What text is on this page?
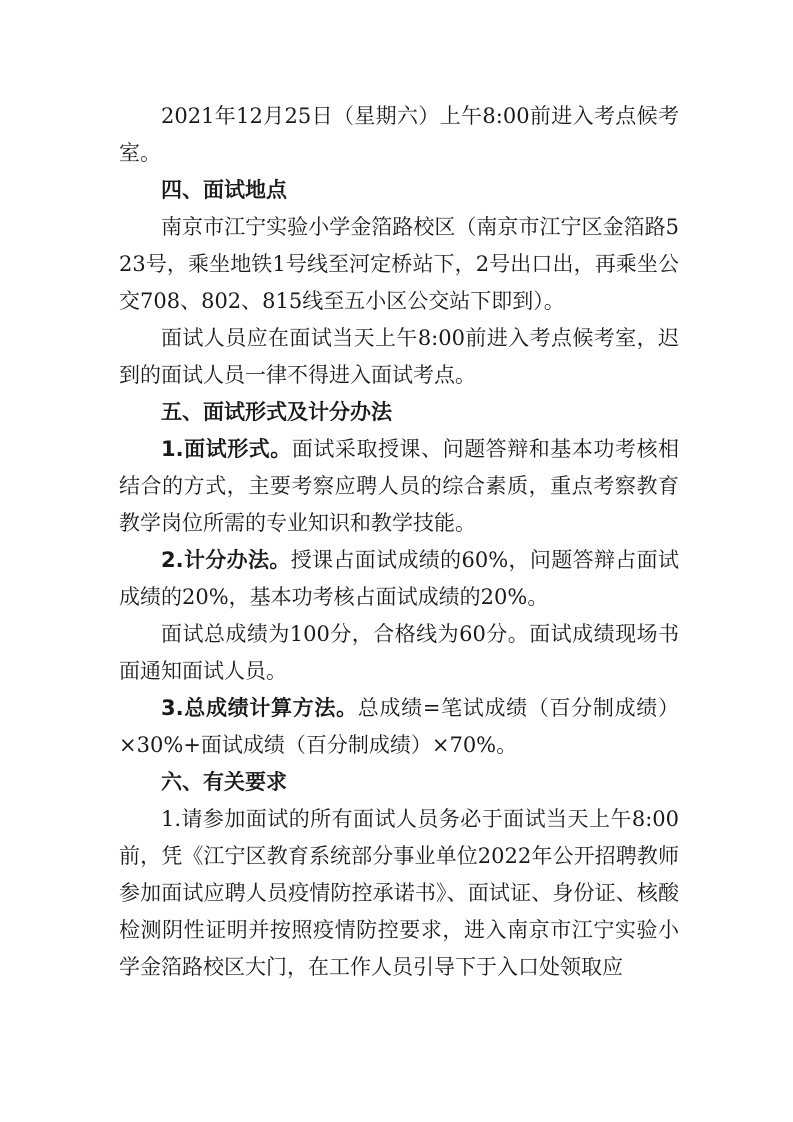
2021年12月25日（星期六）上午8:00前进入考点候考室。

四、面试地点

南京市江宁实验小学金箔路校区（南京市江宁区金箔路523号，乘坐地铁1号线至河定桥站下，2号出口出，再乘坐公交708、802、815线至五小区公交站下即到）。

面试人员应在面试当天上午8:00前进入考点候考室，迟到的面试人员一律不得进入面试考点。

五、面试形式及计分办法

1.面试形式。面试采取授课、问题答辩和基本功考核相结合的方式，主要考察应聘人员的综合素质，重点考察教育教学岗位所需的专业知识和教学技能。

2.计分办法。授课占面试成绩的60%，问题答辩占面试成绩的20%，基本功考核占面试成绩的20%。

面试总成绩为100分，合格线为60分。面试成绩现场书面通知面试人员。

3.总成绩计算方法。总成绩=笔试成绩（百分制成绩）×30%+面试成绩（百分制成绩）×70%。

六、有关要求

1.请参加面试的所有面试人员务必于面试当天上午8:00前，凭《江宁区教育系统部分事业单位2022年公开招聘教师参加面试应聘人员疫情防控承诺书》、面试证、身份证、核酸检测阴性证明并按照疫情防控要求，进入南京市江宁实验小学金箔路校区大门，在工作人员引导下于入口处领取应
